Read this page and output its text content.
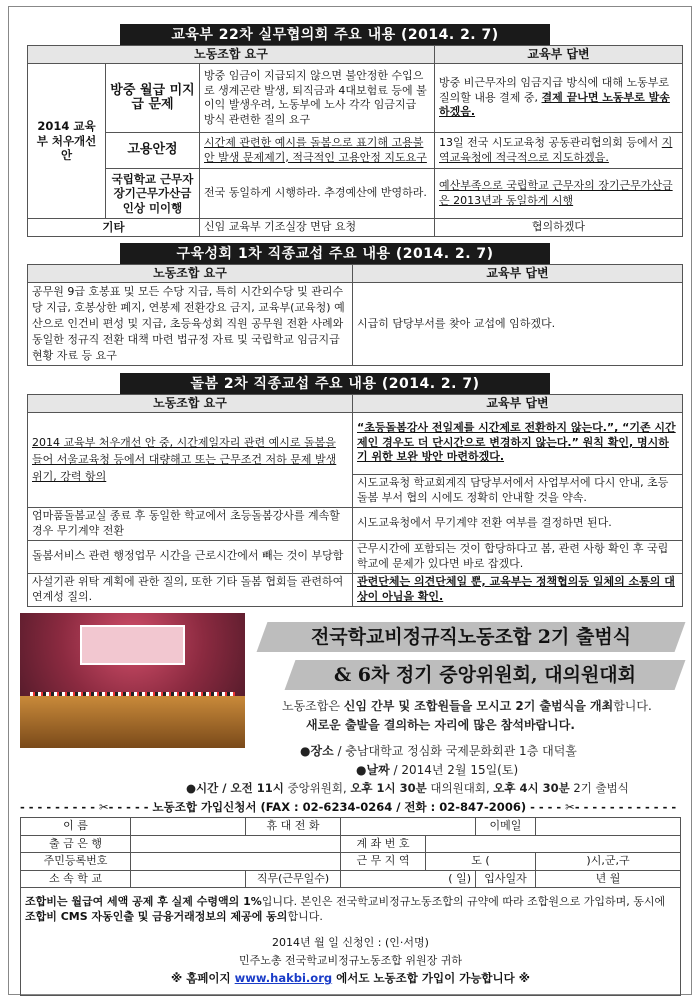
교육부 22차 실무협의회 주요 내용 (2014. 2. 7)
노동조합 요구			교육부 답변
2014 교육부 처우개선안	방중 월급 미지급 문제	방중 임금이 지급되지 않으면 불안정한 수입으로 생계곤란 발생, 퇴직금과 4대보험료 등에 불이익 발생우려, 노동부에 노사 각각 임금지급 방식 관련한 질의 요구	방중 비근무자의 임금지급 방식에 대해 노동부로 질의할 내용 결제 중, 결제 끝나면 노동부로 발송하겠음.
	고용안정	시간제 관련한 예시를 돌봄으로 표기해 고용불안 발생 문제제기, 적극적인 고용안정 지도요구	13일 전국 시도교육청 공동관리협의회 등에서 지역교육청에 적극적으로 지도하겠음.
	국립학교 근무자 장기근무가산금 인상 미이행	전국 동일하게 시행하라. 추경예산에 반영하라.	예산부족으로 국립학교 근무자의 장기근무가산금은 2013년과 동일하게 시행
기타		신임 교육부 기조실장 면담 요청	협의하겠다
구육성회 1차 직종교섭 주요 내용 (2014. 2. 7)
노동조합 요구	교육부 답변
공무원 9급 호봉표 및 모든 수당 지급, 특히 시간외수당 및 관리수당 지급, 호봉상한 폐지, 연봉제 전환강요 금지, 교육부(교육청) 예산으로 인건비 편성 및 지급, 초등육성회 직원 공무원 전환 사례와 동일한 정규직 전환 대책 마련 법규정 자료 및 국립학교 임금지급 현황 자료 등 요구	시급히 담당부서를 찾아 교섭에 임하겠다.
돌봄 2차 직종교섭 주요 내용 (2014. 2. 7)
노동조합 요구	교육부 답변
2014 교육부 처우개선 안 중, 시간제일자리 관련 예시로 돌봄을 들어 서울교육청 등에서 대량해고 또는 근무조건 저하 문제 발생 위기, 강력 항의	“초등돌봄강사 전일제를 시간제로 전환하지 않는다.”, “기존 시간제인 경우도 더 단시간으로 변경하지 않는다.” 원칙 확인, 명시하기 위한 보완 방안 마련하겠다.
	시도교육청 학교회계직 담당부서에서 사업부서에 다시 안내, 초등돌봄 부서 협의 시에도 정확히 안내할 것을 약속.
엄마품돌봄교실 종료 후 동일한 학교에서 초등돌봄강사를 계속할 경우 무기계약 전환	시도교육청에서 무기계약 전환 여부를 결정하면 된다.
돌봄서비스 관련 행정업무 시간을 근로시간에서 빼는 것이 부당함	근무시간에 포함되는 것이 합당하다고 봄, 관련 사항 확인 후 국립학교에 문제가 있다면 바로 잡겠다.
사설기관 위탁 계획에 관한 질의, 또한 기타 돌봄 협회들 관련하여 연계성 질의.	관련단체는 의견단체일 뿐, 교육부는 정책협의등 일체의 소통의 대상이 아님을 확인.
전국학교비정규직노동조합 2기 출범식
& 6차 정기 중앙위원회, 대의원대회
노동조합은 신임 간부 및 조합원들을 모시고 2기 출범식을 개최합니다.
새로운 출발을 결의하는 자리에 많은 참석바랍니다.
●장소 / 충남대학교 정심화 국제문화회관 1층 대덕홀
●날짜 / 2014년 2월 15일(토)
●시간 / 오전 11시 중앙위원회, 오후 1시 30분 대의원대회, 오후 4시 30분 2기 출범식
- - - - - - - - - ✂- - - - - 노동조합 가입신청서 (FAX : 02-6234-0264 / 전화 : 02-847-2006) - - - - ✂- - - - - - - - - - - -
이 름		휴 대 전 화			이메일	
출 금 은 행			계 좌 번 호			
주민등록번호			근 무 지 역	도 (		)시,군,구
소 속 학 교		직무(근무일수)	( 일)		입사일자	년 월

조합비는 월급여 세액 공제 후 실제 수령액의 1%입니다. 본인은 전국학교비정규노동조합의 규약에 따라 조합원으로 가입하며, 동시에 조합비 CMS 자동인출 및 금융거래정보의 제공에 동의합니다.
2014년 월 일 신청인 : (인·서명)
민주노총 전국학교비정규노동조합 위원장 귀하
※ 홈페이지 www.hakbi.org 에서도 노동조합 가입이 가능합니다 ※						
